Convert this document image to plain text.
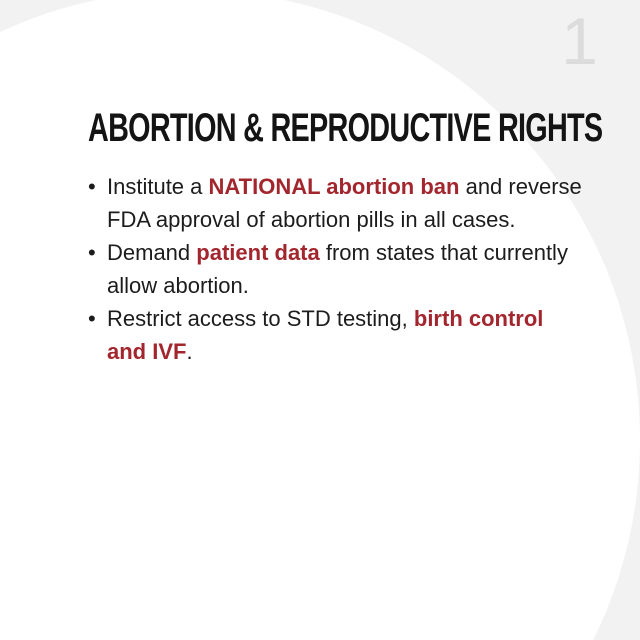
1
ABORTION & REPRODUCTIVE RIGHTS
• Institute a NATIONAL abortion ban and reverse FDA approval of abortion pills in all cases.
• Demand patient data from states that currently allow abortion.
• Restrict access to STD testing, birth control and IVF.
